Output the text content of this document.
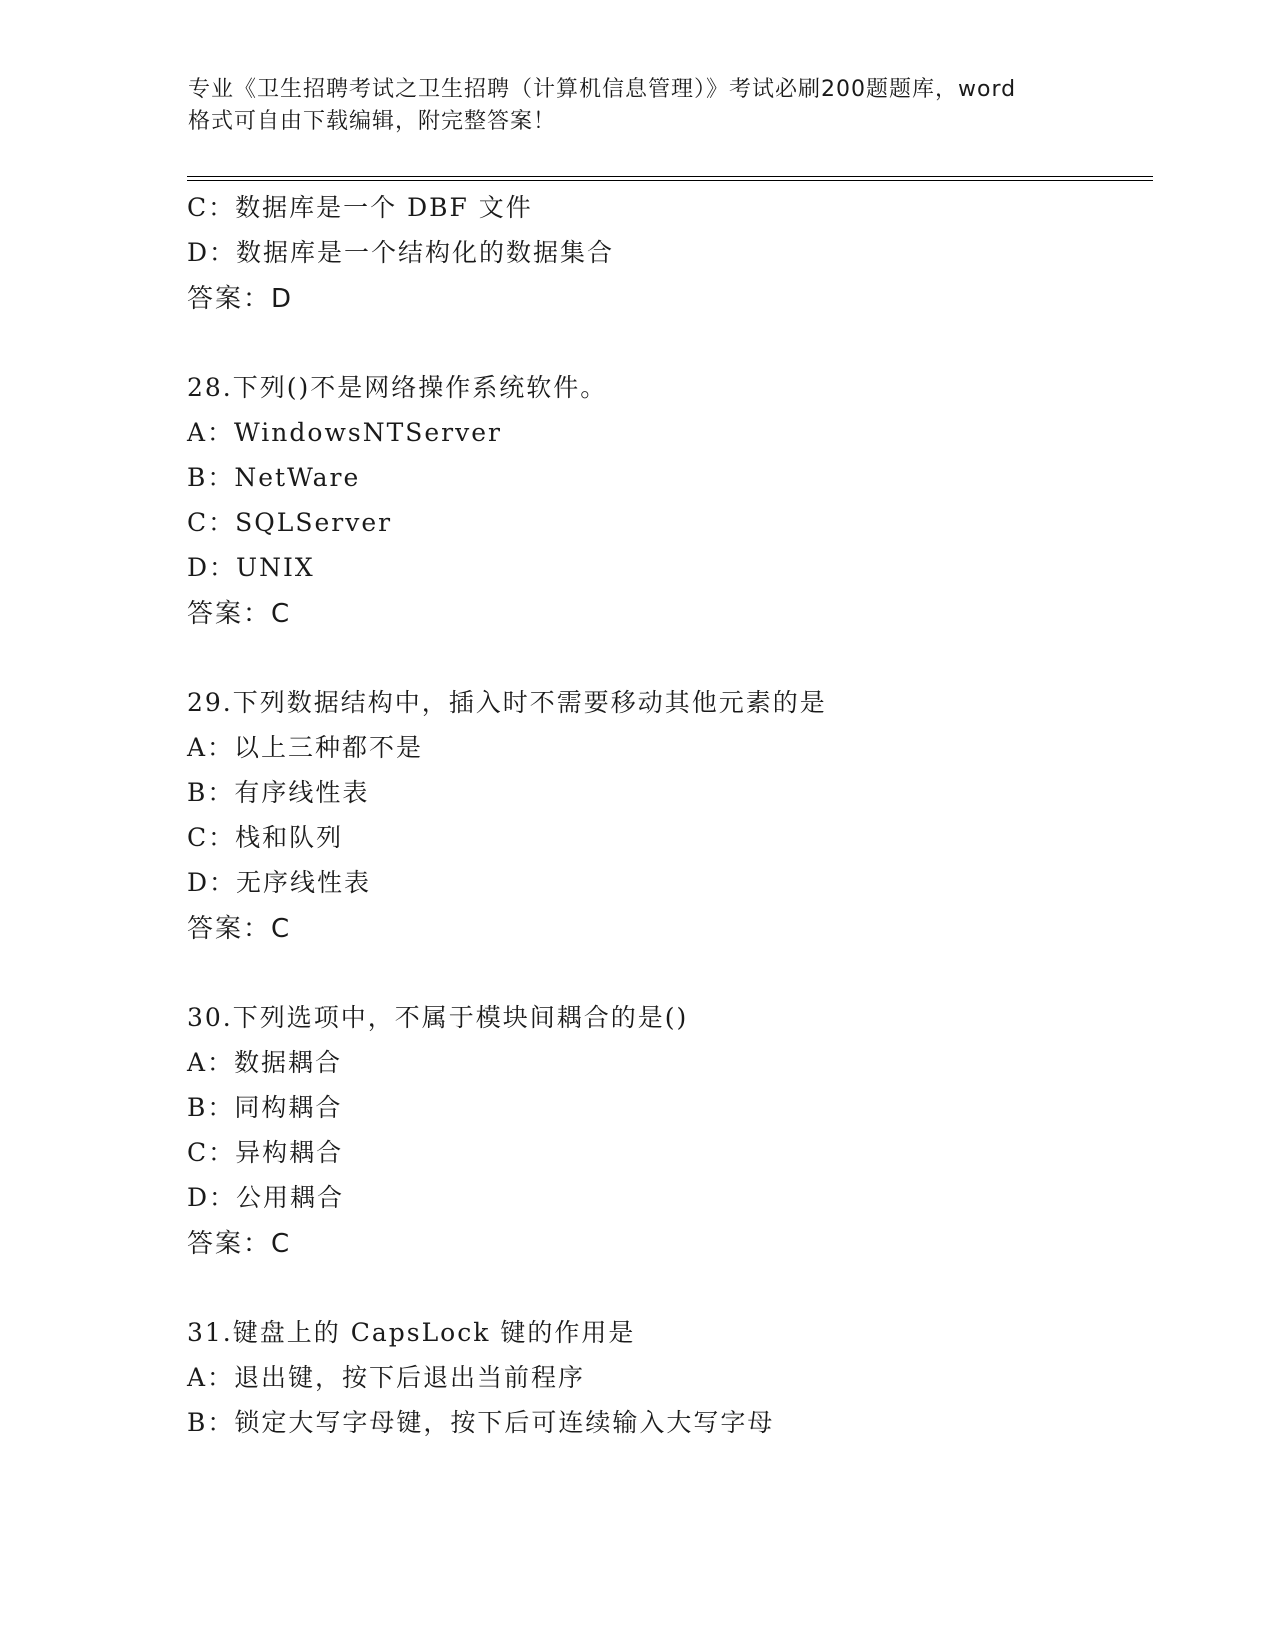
专业《卫生招聘考试之卫生招聘（计算机信息管理）》考试必刷200题题库，word
格式可自由下载编辑，附完整答案！
C：数据库是一个 DBF 文件
D：数据库是一个结构化的数据集合
答案：D
28.下列()不是网络操作系统软件。
A：WindowsNTServer
B：NetWare
C：SQLServer
D：UNIX
答案：C
29.下列数据结构中，插入时不需要移动其他元素的是
A：以上三种都不是
B：有序线性表
C：栈和队列
D：无序线性表
答案：C
30.下列选项中，不属于模块间耦合的是()
A：数据耦合
B：同构耦合
C：异构耦合
D：公用耦合
答案：C
31.键盘上的 CapsLock 键的作用是
A：退出键，按下后退出当前程序
B：锁定大写字母键，按下后可连续输入大写字母
